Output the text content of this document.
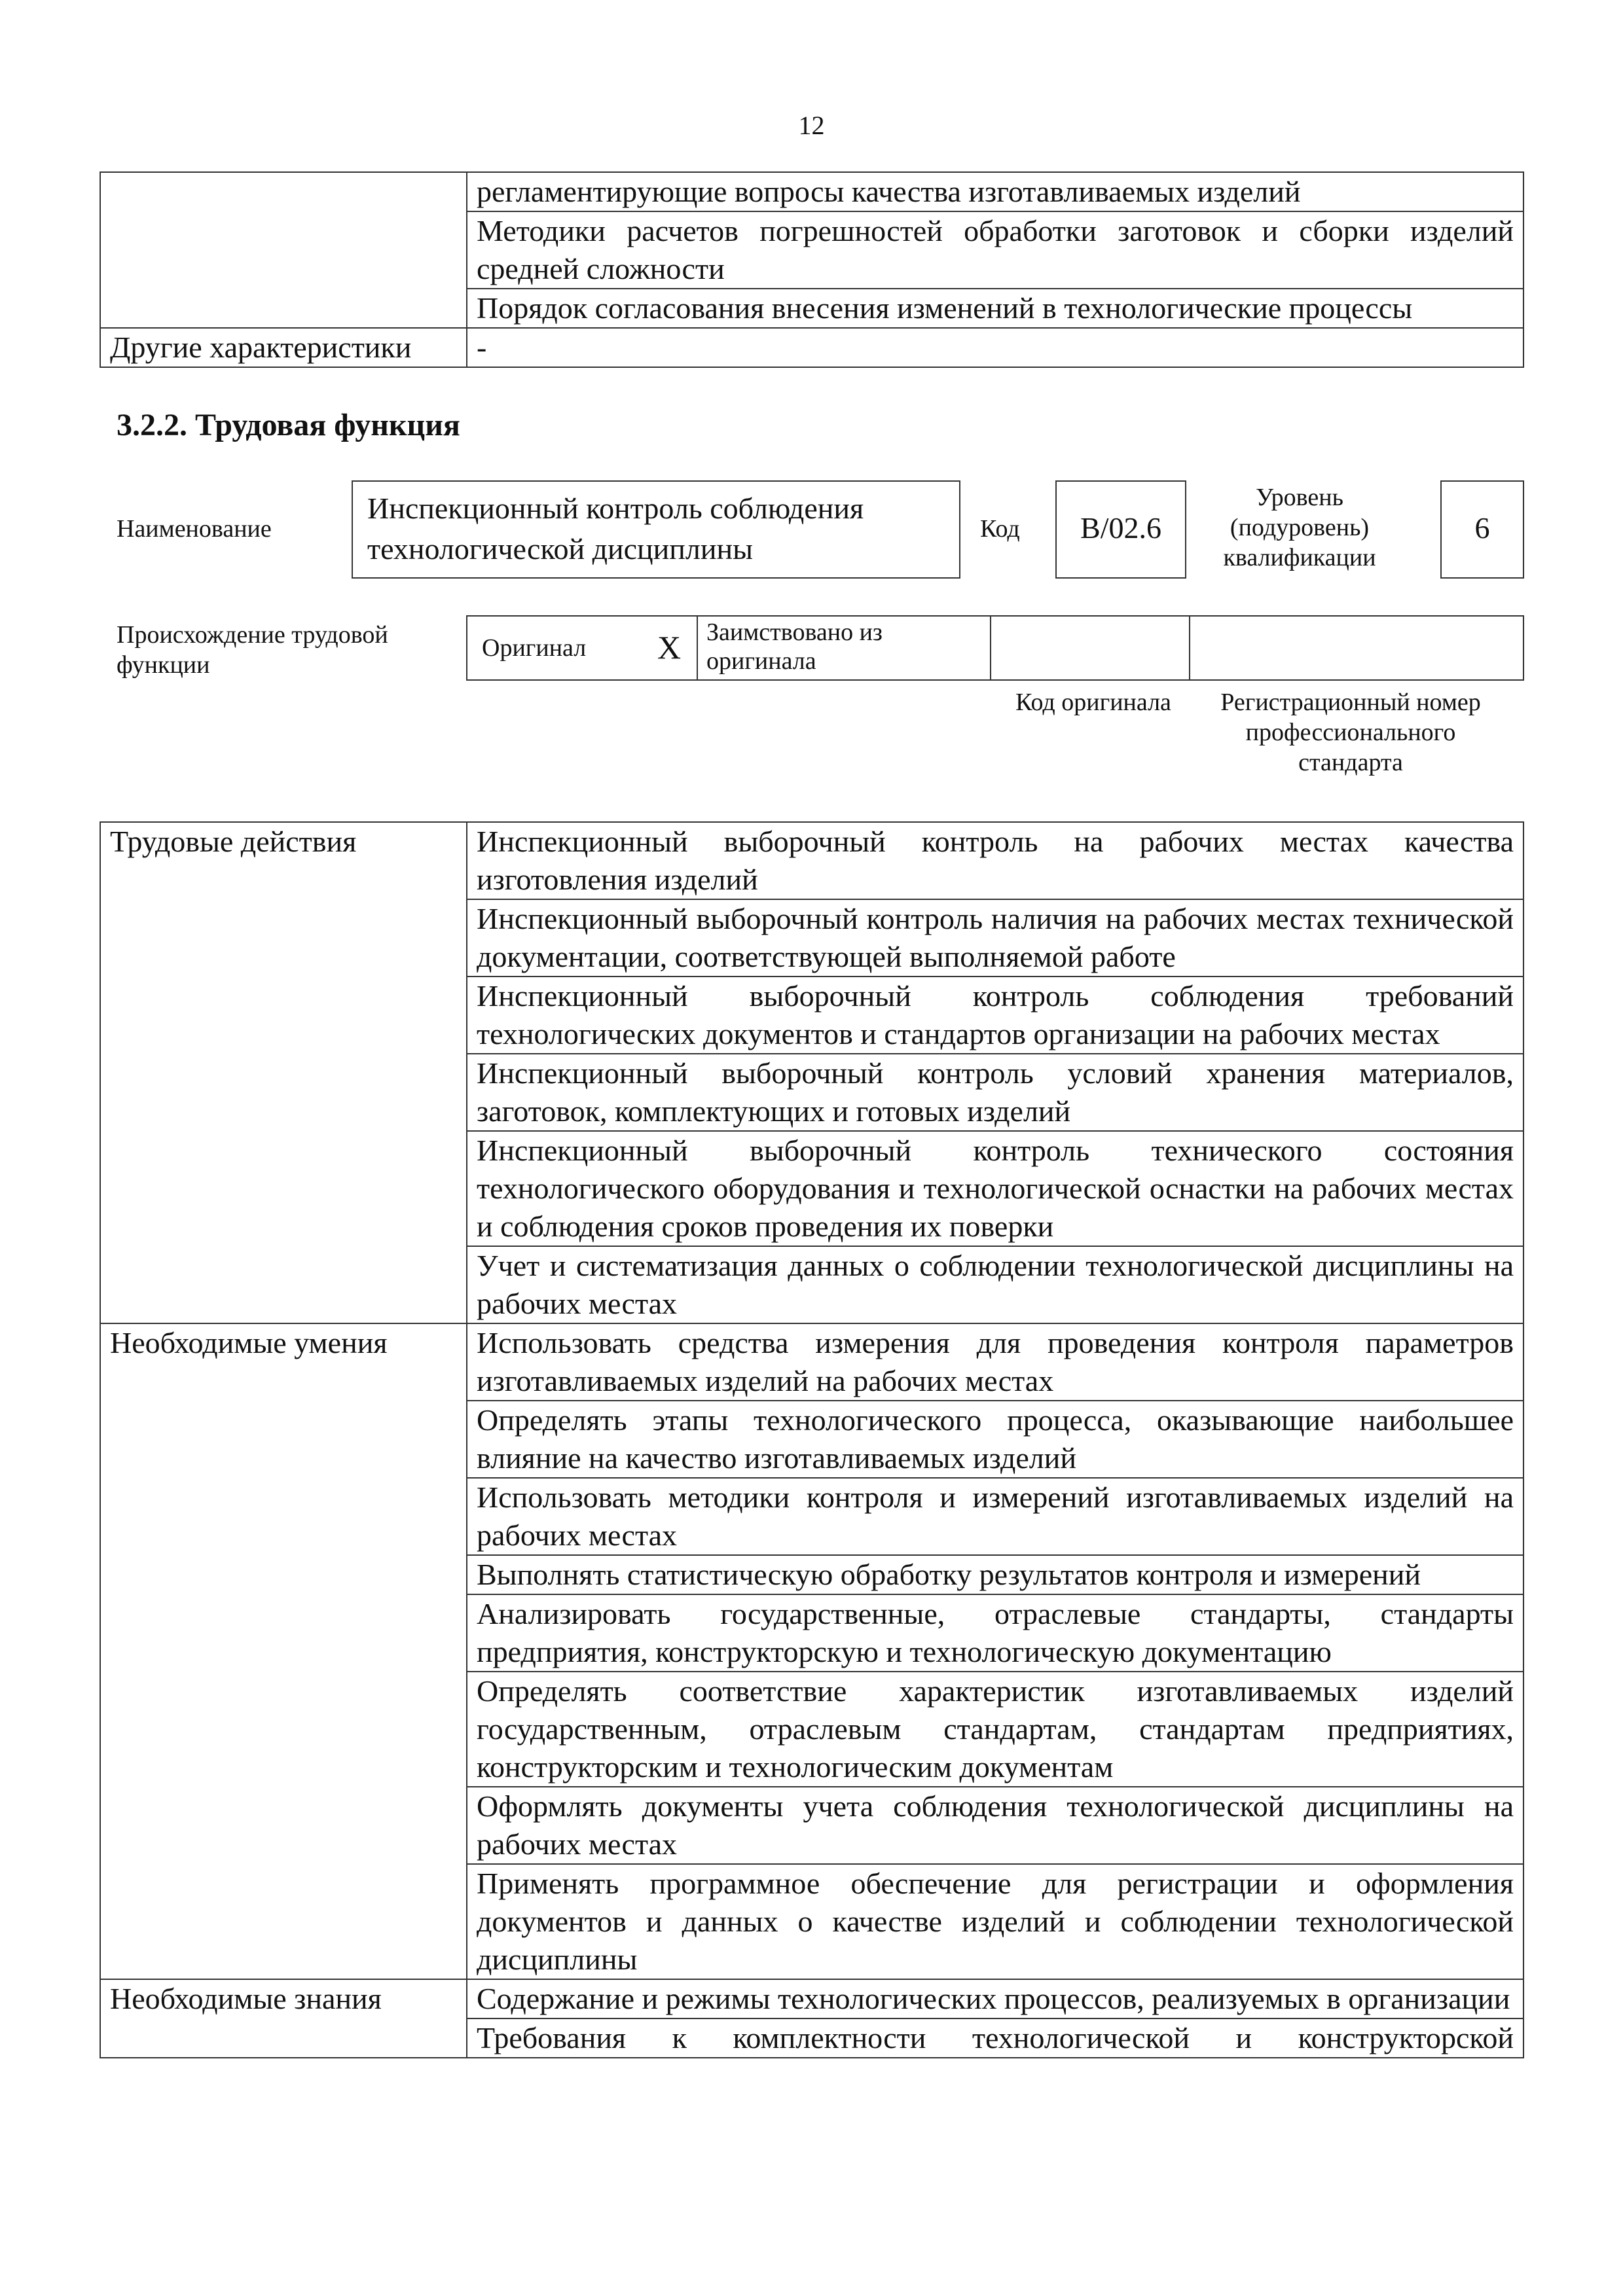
12
	регламентирующие вопросы качества изготавливаемых изделий
	Методики расчетов погрешностей обработки заготовок и сборки изделий средней сложности
	Порядок согласования внесения изменений в технологические процессы
Другие характеристики	-
3.2.2. Трудовая функция
Наименование
Инспекционный контроль соблюдения технологической дисциплины
Код	B/02.6
Уровень (подуровень) квалификации
6
Происхождение трудовой функции
Оригинал X Заимствовано из оригинала
Код оригинала	Регистрационный номер профессионального стандарта
Трудовые действия	Инспекционный выборочный контроль на рабочих местах качества изготовления изделий
	Инспекционный выборочный контроль наличия на рабочих местах технической документации, соответствующей выполняемой работе
	Инспекционный выборочный контроль соблюдения требований технологических документов и стандартов организации на рабочих местах
	Инспекционный выборочный контроль условий хранения материалов, заготовок, комплектующих и готовых изделий
	Инспекционный выборочный контроль технического состояния технологического оборудования и технологической оснастки на рабочих местах и соблюдения сроков проведения их поверки
	Учет и систематизация данных о соблюдении технологической дисциплины на рабочих местах
Необходимые умения	Использовать средства измерения для проведения контроля параметров изготавливаемых изделий на рабочих местах
	Определять этапы технологического процесса, оказывающие наибольшее влияние на качество изготавливаемых изделий
	Использовать методики контроля и измерений изготавливаемых изделий на рабочих местах
	Выполнять статистическую обработку результатов контроля и измерений
	Анализировать государственные, отраслевые стандарты, стандарты предприятия, конструкторскую и технологическую документацию
	Определять соответствие характеристик изготавливаемых изделий государственным, отраслевым стандартам, стандартам предприятиях, конструкторским и технологическим документам
	Оформлять документы учета соблюдения технологической дисциплины на рабочих местах
	Применять программное обеспечение для регистрации и оформления документов и данных о качестве изделий и соблюдении технологической дисциплины
Необходимые знания	Содержание и режимы технологических процессов, реализуемых в организации
	Требования к комплектности технологической и конструкторской
